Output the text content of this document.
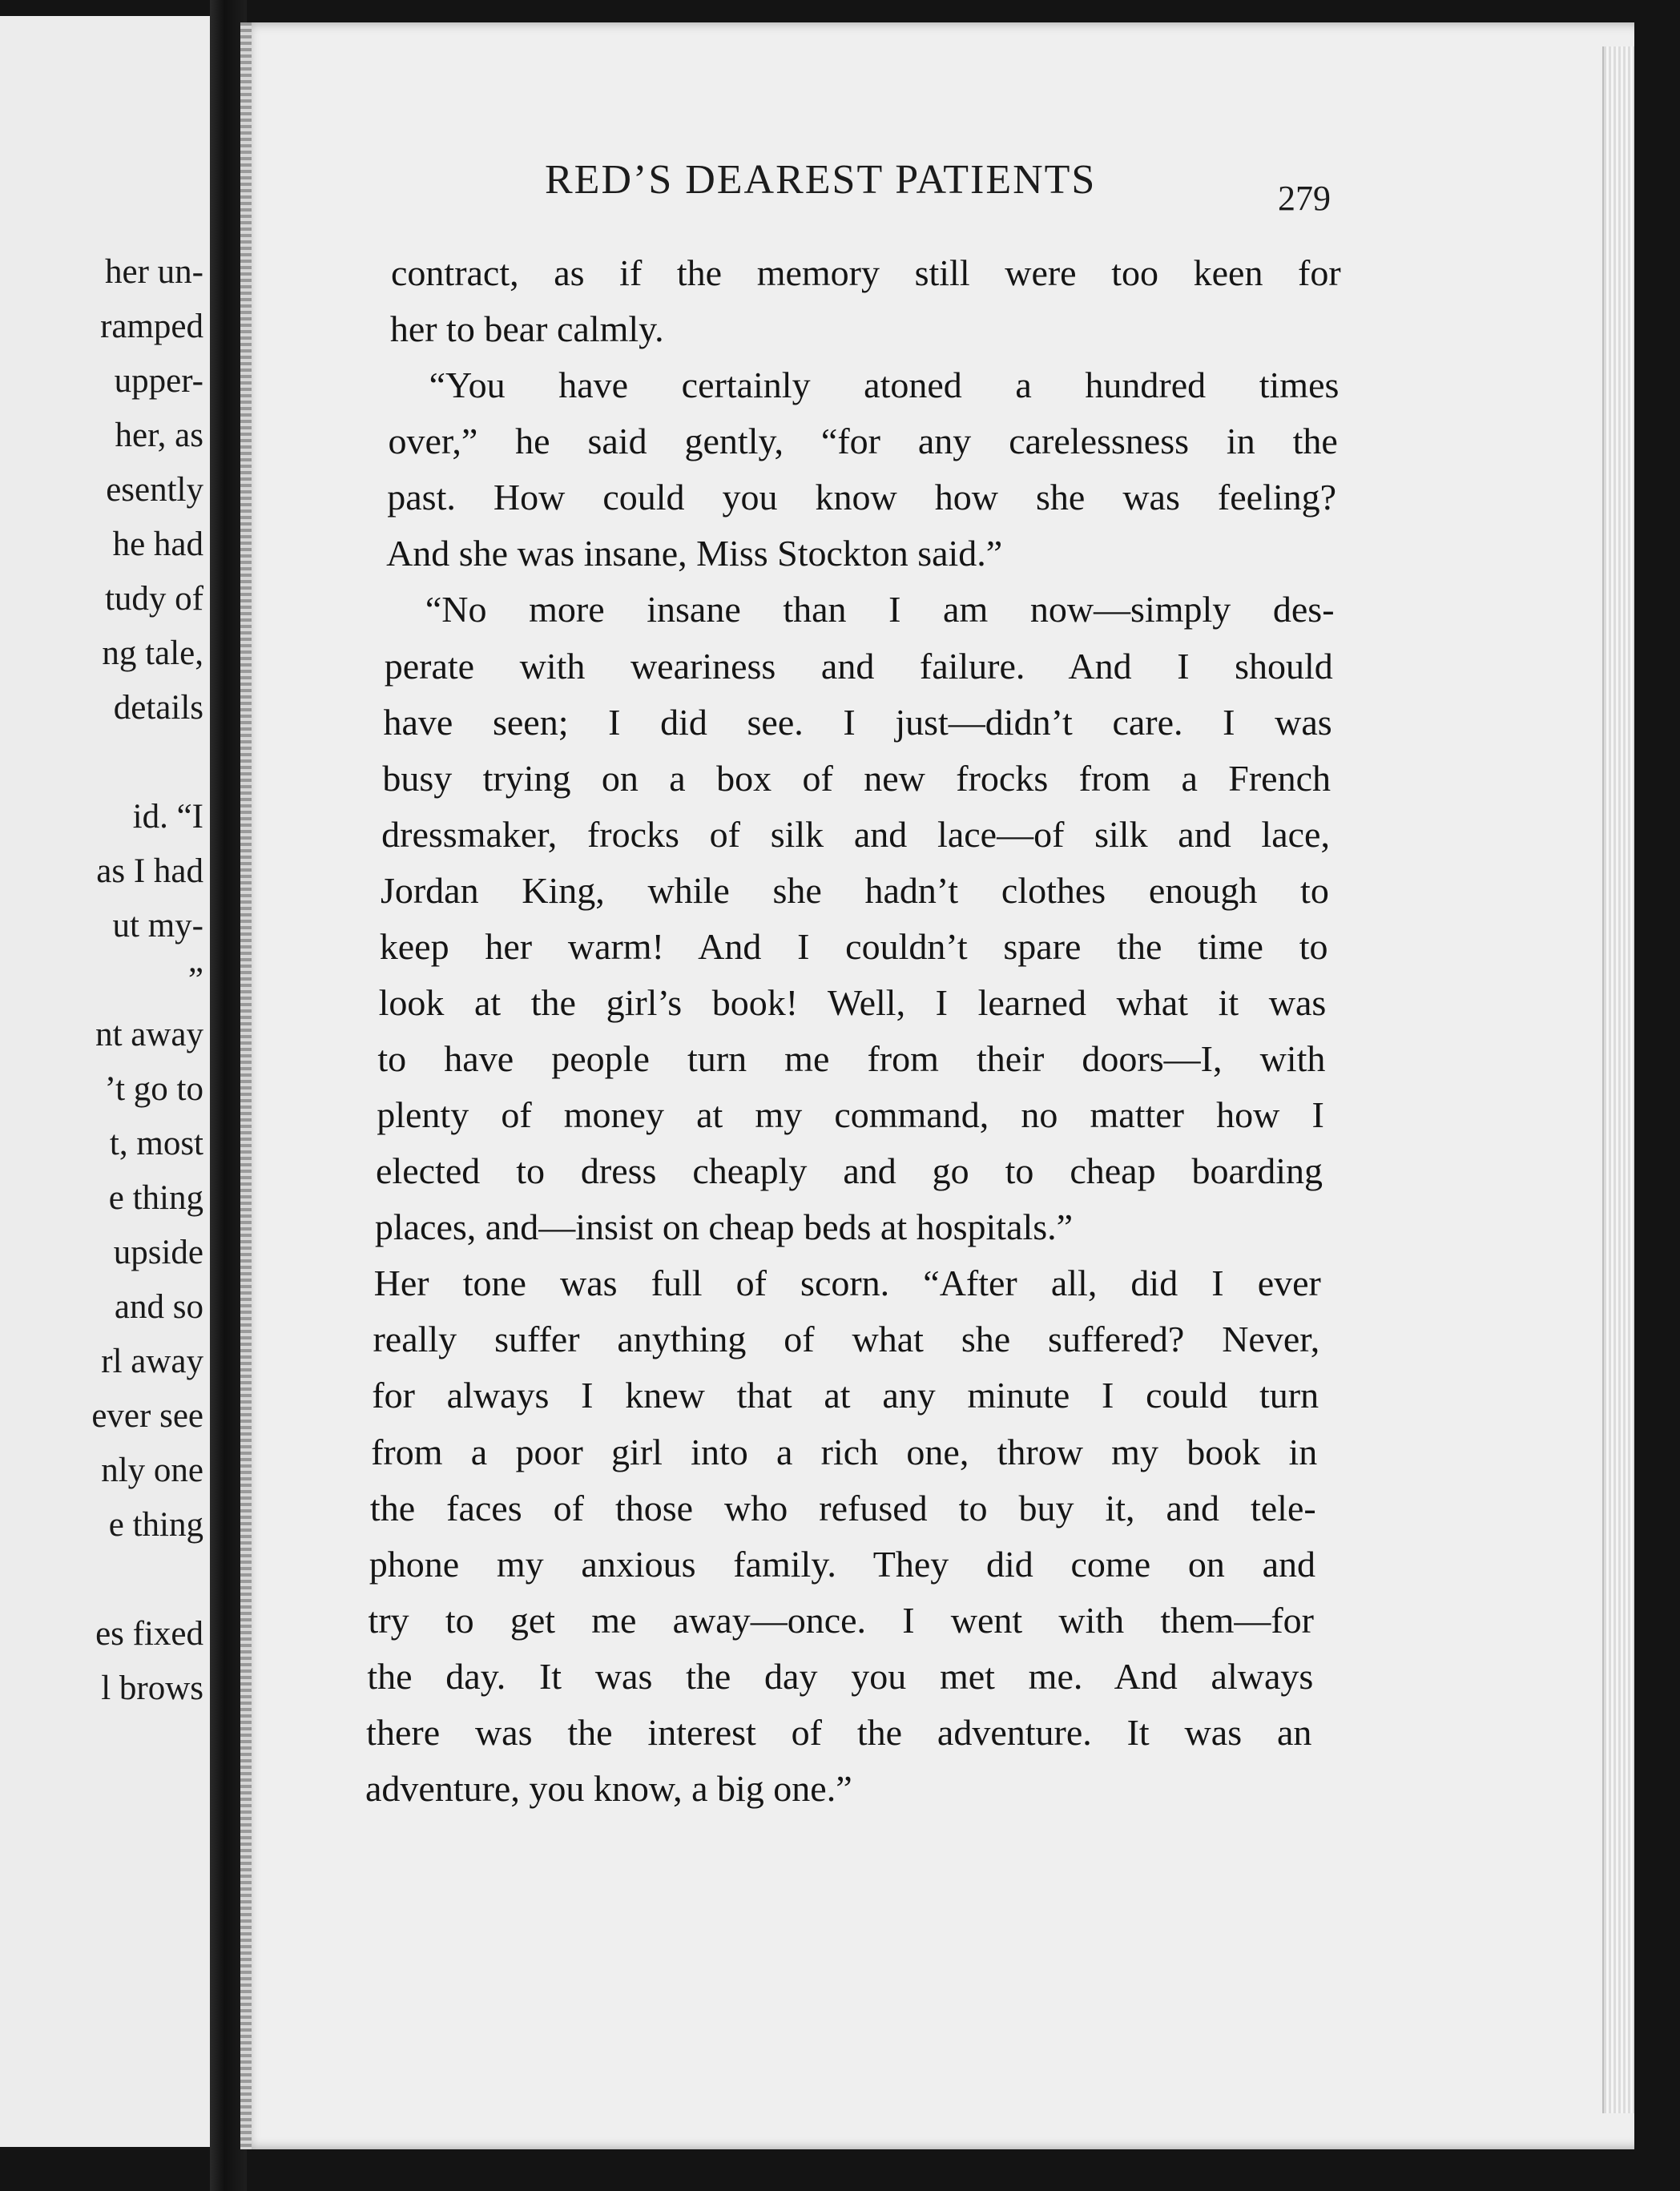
her un-
ramped
upper-
her, as
esently
he had
tudy of
ng tale,
details
id. “I
as I had
ut my-
”
nt away
’t go to
t, most
e thing
upside
and so
rl away
ever see
nly one
e thing
es fixed
l brows
RED’S DEAREST PATIENTS	279
contract, as if the memory still were too keen for
her to bear calmly.
“You have certainly atoned a hundred times
over,” he said gently, “for any carelessness in the
past. How could you know how she was feeling?
And she was insane, Miss Stockton said.”
“No more insane than I am now—simply des-
perate with weariness and failure. And I should
have seen; I did see. I just—didn’t care. I was
busy trying on a box of new frocks from a French
dressmaker, frocks of silk and lace—of silk and lace,
Jordan King, while she hadn’t clothes enough to
keep her warm! And I couldn’t spare the time to
look at the girl’s book! Well, I learned what it was
to have people turn me from their doors—I, with
plenty of money at my command, no matter how I
elected to dress cheaply and go to cheap boarding
places, and—insist on cheap beds at hospitals.”
Her tone was full of scorn. “After all, did I ever
really suffer anything of what she suffered? Never,
for always I knew that at any minute I could turn
from a poor girl into a rich one, throw my book in
the faces of those who refused to buy it, and tele-
phone my anxious family. They did come on and
try to get me away—once. I went with them—for
the day. It was the day you met me. And always
there was the interest of the adventure. It was an
adventure, you know, a big one.”
